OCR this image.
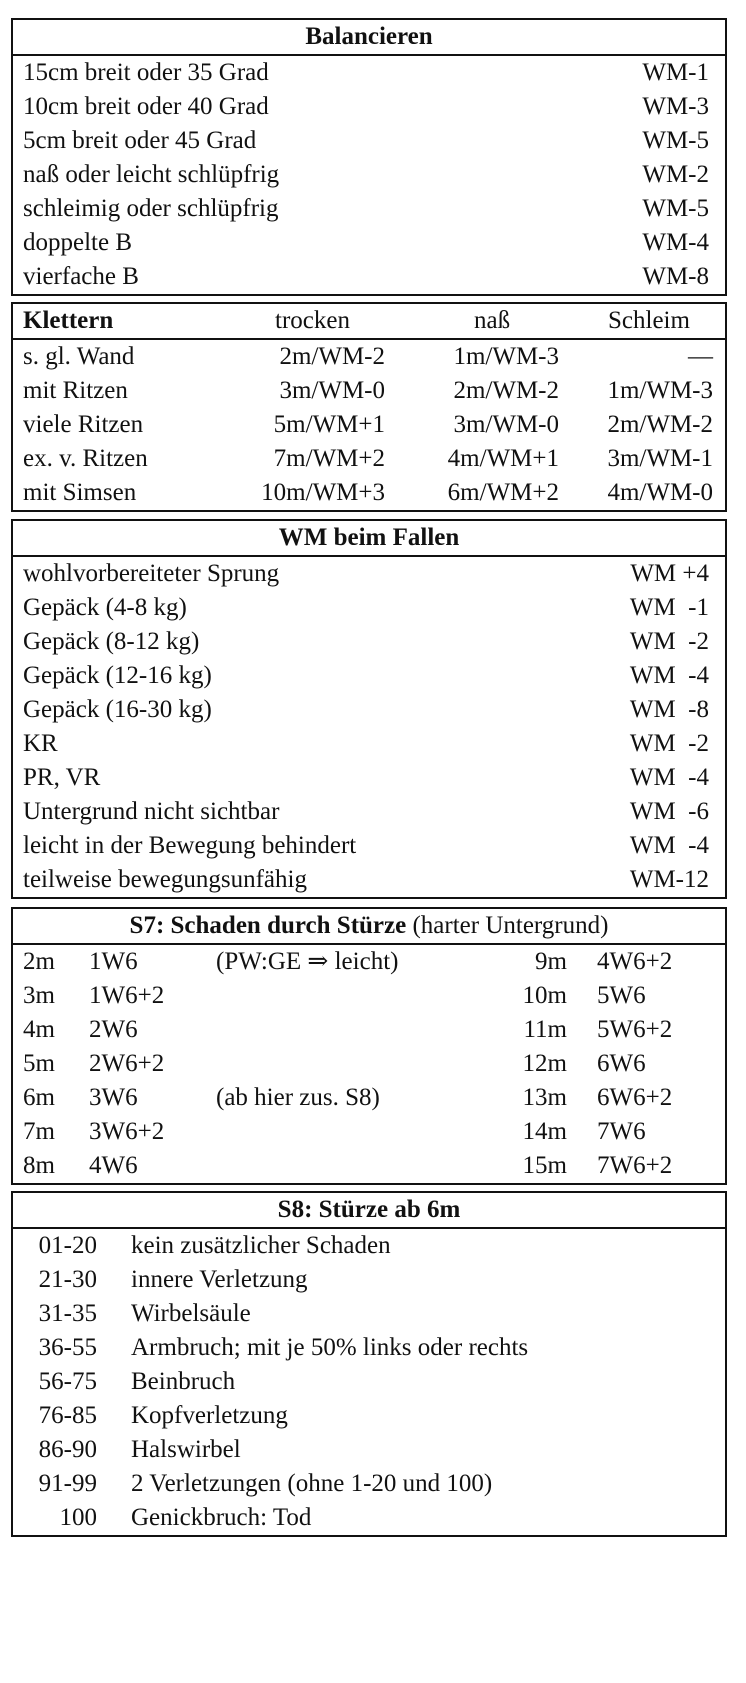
Balancieren
15cm breit oder 35 Grad	WM-1
10cm breit oder 40 Grad	WM-3
5cm breit oder 45 Grad	WM-5
naß oder leicht schlüpfrig	WM-2
schleimig oder schlüpfrig	WM-5
doppelte B	WM-4
vierfache B	WM-8
Klettern	trocken	naß	Schleim
s. gl. Wand	2m/WM-2	1m/WM-3	—
mit Ritzen	3m/WM-0	2m/WM-2 1m/WM-3
viele Ritzen	5m/WM+1	3m/WM-0 2m/WM-2
ex. v. Ritzen	7m/WM+2	4m/WM+1 3m/WM-1
mit Simsen	10m/WM+3	6m/WM+2 4m/WM-0
WM beim Fallen
wohlvorbereiteter Sprung	WM +4
Gepäck (4-8 kg)	WM  -1
Gepäck (8-12 kg)	WM  -2
Gepäck (12-16 kg)	WM  -4
Gepäck (16-30 kg)	WM  -8
KR	WM  -2
PR, VR	WM  -4
Untergrund nicht sichtbar	WM  -6
leicht in der Bewegung behindert	WM  -4
teilweise bewegungsunfähig	WM-12
S7: Schaden durch Stürze (harter Untergrund)
2m 1W6	(PW:GE ⇒ leicht)	9m 4W6+2
3m 1W6+2	10m 5W6
4m 2W6	11m 5W6+2
5m 2W6+2	12m 6W6
6m 3W6	(ab hier zus. S8)	13m 6W6+2
7m 3W6+2	14m 7W6
8m 4W6	15m 7W6+2
S8: Stürze ab 6m
01-20 kein zusätzlicher Schaden
21-30 innere Verletzung
31-35 Wirbelsäule
36-55 Armbruch; mit je 50% links oder rechts
56-75 Beinbruch
76-85 Kopfverletzung
86-90 Halswirbel
91-99 2 Verletzungen (ohne 1-20 und 100)
100 Genickbruch: Tod
